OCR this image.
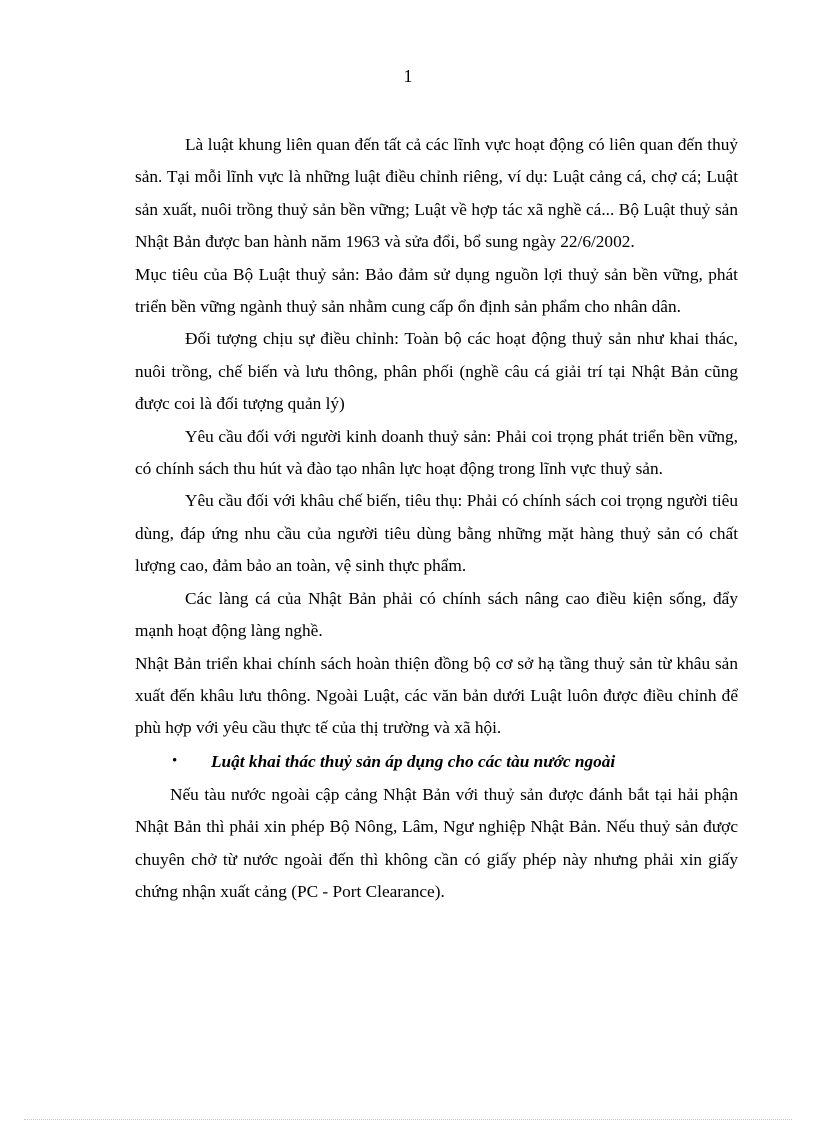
1

Là luật khung liên quan đến tất cả các lĩnh vực hoạt động có liên quan đến thuỷ sản. Tại mỗi lĩnh vực là những luật điều chỉnh riêng, ví dụ: Luật cảng cá, chợ cá; Luật sản xuất, nuôi trồng thuỷ sản bền vững; Luật về hợp tác xã nghề cá... Bộ Luật thuỷ sản Nhật Bản được ban hành năm 1963 và sửa đổi, bổ sung ngày 22/6/2002.

Mục tiêu của Bộ Luật thuỷ sản: Bảo đảm sử dụng nguồn lợi thuỷ sản bền vững, phát triển bền vững ngành thuỷ sản nhằm cung cấp ổn định sản phẩm cho nhân dân.

Đối tượng chịu sự điều chỉnh: Toàn bộ các hoạt động thuỷ sản như khai thác, nuôi trồng, chế biến và lưu thông, phân phối (nghề câu cá giải trí tại Nhật Bản cũng được coi là đối tượng quản lý)

Yêu cầu đối với người kinh doanh thuỷ sản: Phải coi trọng phát triển bền vững, có chính sách thu hút và đào tạo nhân lực hoạt động trong lĩnh vực thuỷ sản.

Yêu cầu đối với khâu chế biến, tiêu thụ: Phải có chính sách coi trọng người tiêu dùng, đáp ứng nhu cầu của người tiêu dùng bằng những mặt hàng thuỷ sản có chất lượng cao, đảm bảo an toàn, vệ sinh thực phẩm.

Các làng cá của Nhật Bản phải có chính sách nâng cao điều kiện sống, đẩy mạnh hoạt động làng nghề.

Nhật Bản triển khai chính sách hoàn thiện đồng bộ cơ sở hạ tầng thuỷ sản từ khâu sản xuất đến khâu lưu thông. Ngoài Luật, các văn bản dưới Luật luôn được điều chỉnh để phù hợp với yêu cầu thực tế của thị trường và xã hội.

•	Luật khai thác thuỷ sản áp dụng cho các tàu nước ngoài

Nếu tàu nước ngoài cập cảng Nhật Bản với thuỷ sản được đánh bắt tại hải phận Nhật Bản thì phải xin phép Bộ Nông, Lâm, Ngư nghiệp Nhật Bản. Nếu thuỷ sản được chuyên chở từ nước ngoài đến thì không cần có giấy phép này nhưng phải xin giấy chứng nhận xuất cảng (PC - Port Clearance).
